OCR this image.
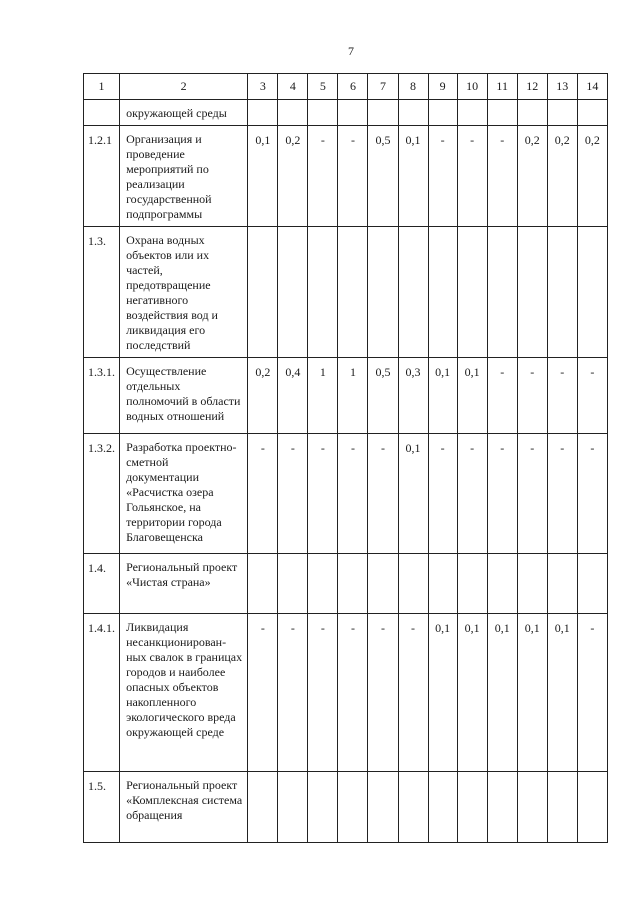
7
1	2	3	4	5	6	7	8	9	10	11	12	13	14
	окружающей среды												
1.2.1	Организация и проведение мероприятий по реализации государственной подпрограммы	0,1	0,2	-	-	0,5	0,1	-	-	-	0,2	0,2	0,2
1.3.	Охрана водных объектов или их частей, предотвращение негативного воздействия вод и ликвидация его последствий												
1.3.1.	Осуществление отдельных полномочий в области водных отношений	0,2	0,4	1	1	0,5	0,3	0,1	0,1	-	-	-	-
1.3.2.	Разработка проектно-сметной документации «Расчистка озера Гольянское, на территории города Благовещенска	-	-	-	-	-	0,1	-	-	-	-	-	-
1.4.	Региональный проект «Чистая страна»												
1.4.1.	Ликвидация несанкционирован-ных свалок в границах городов и наиболее опасных объектов накопленного экологического вреда окружающей среде	-	-	-	-	-	-	0,1	0,1	0,1	0,1	0,1	-
1.5.	Региональный проект «Комплексная система обращения												
